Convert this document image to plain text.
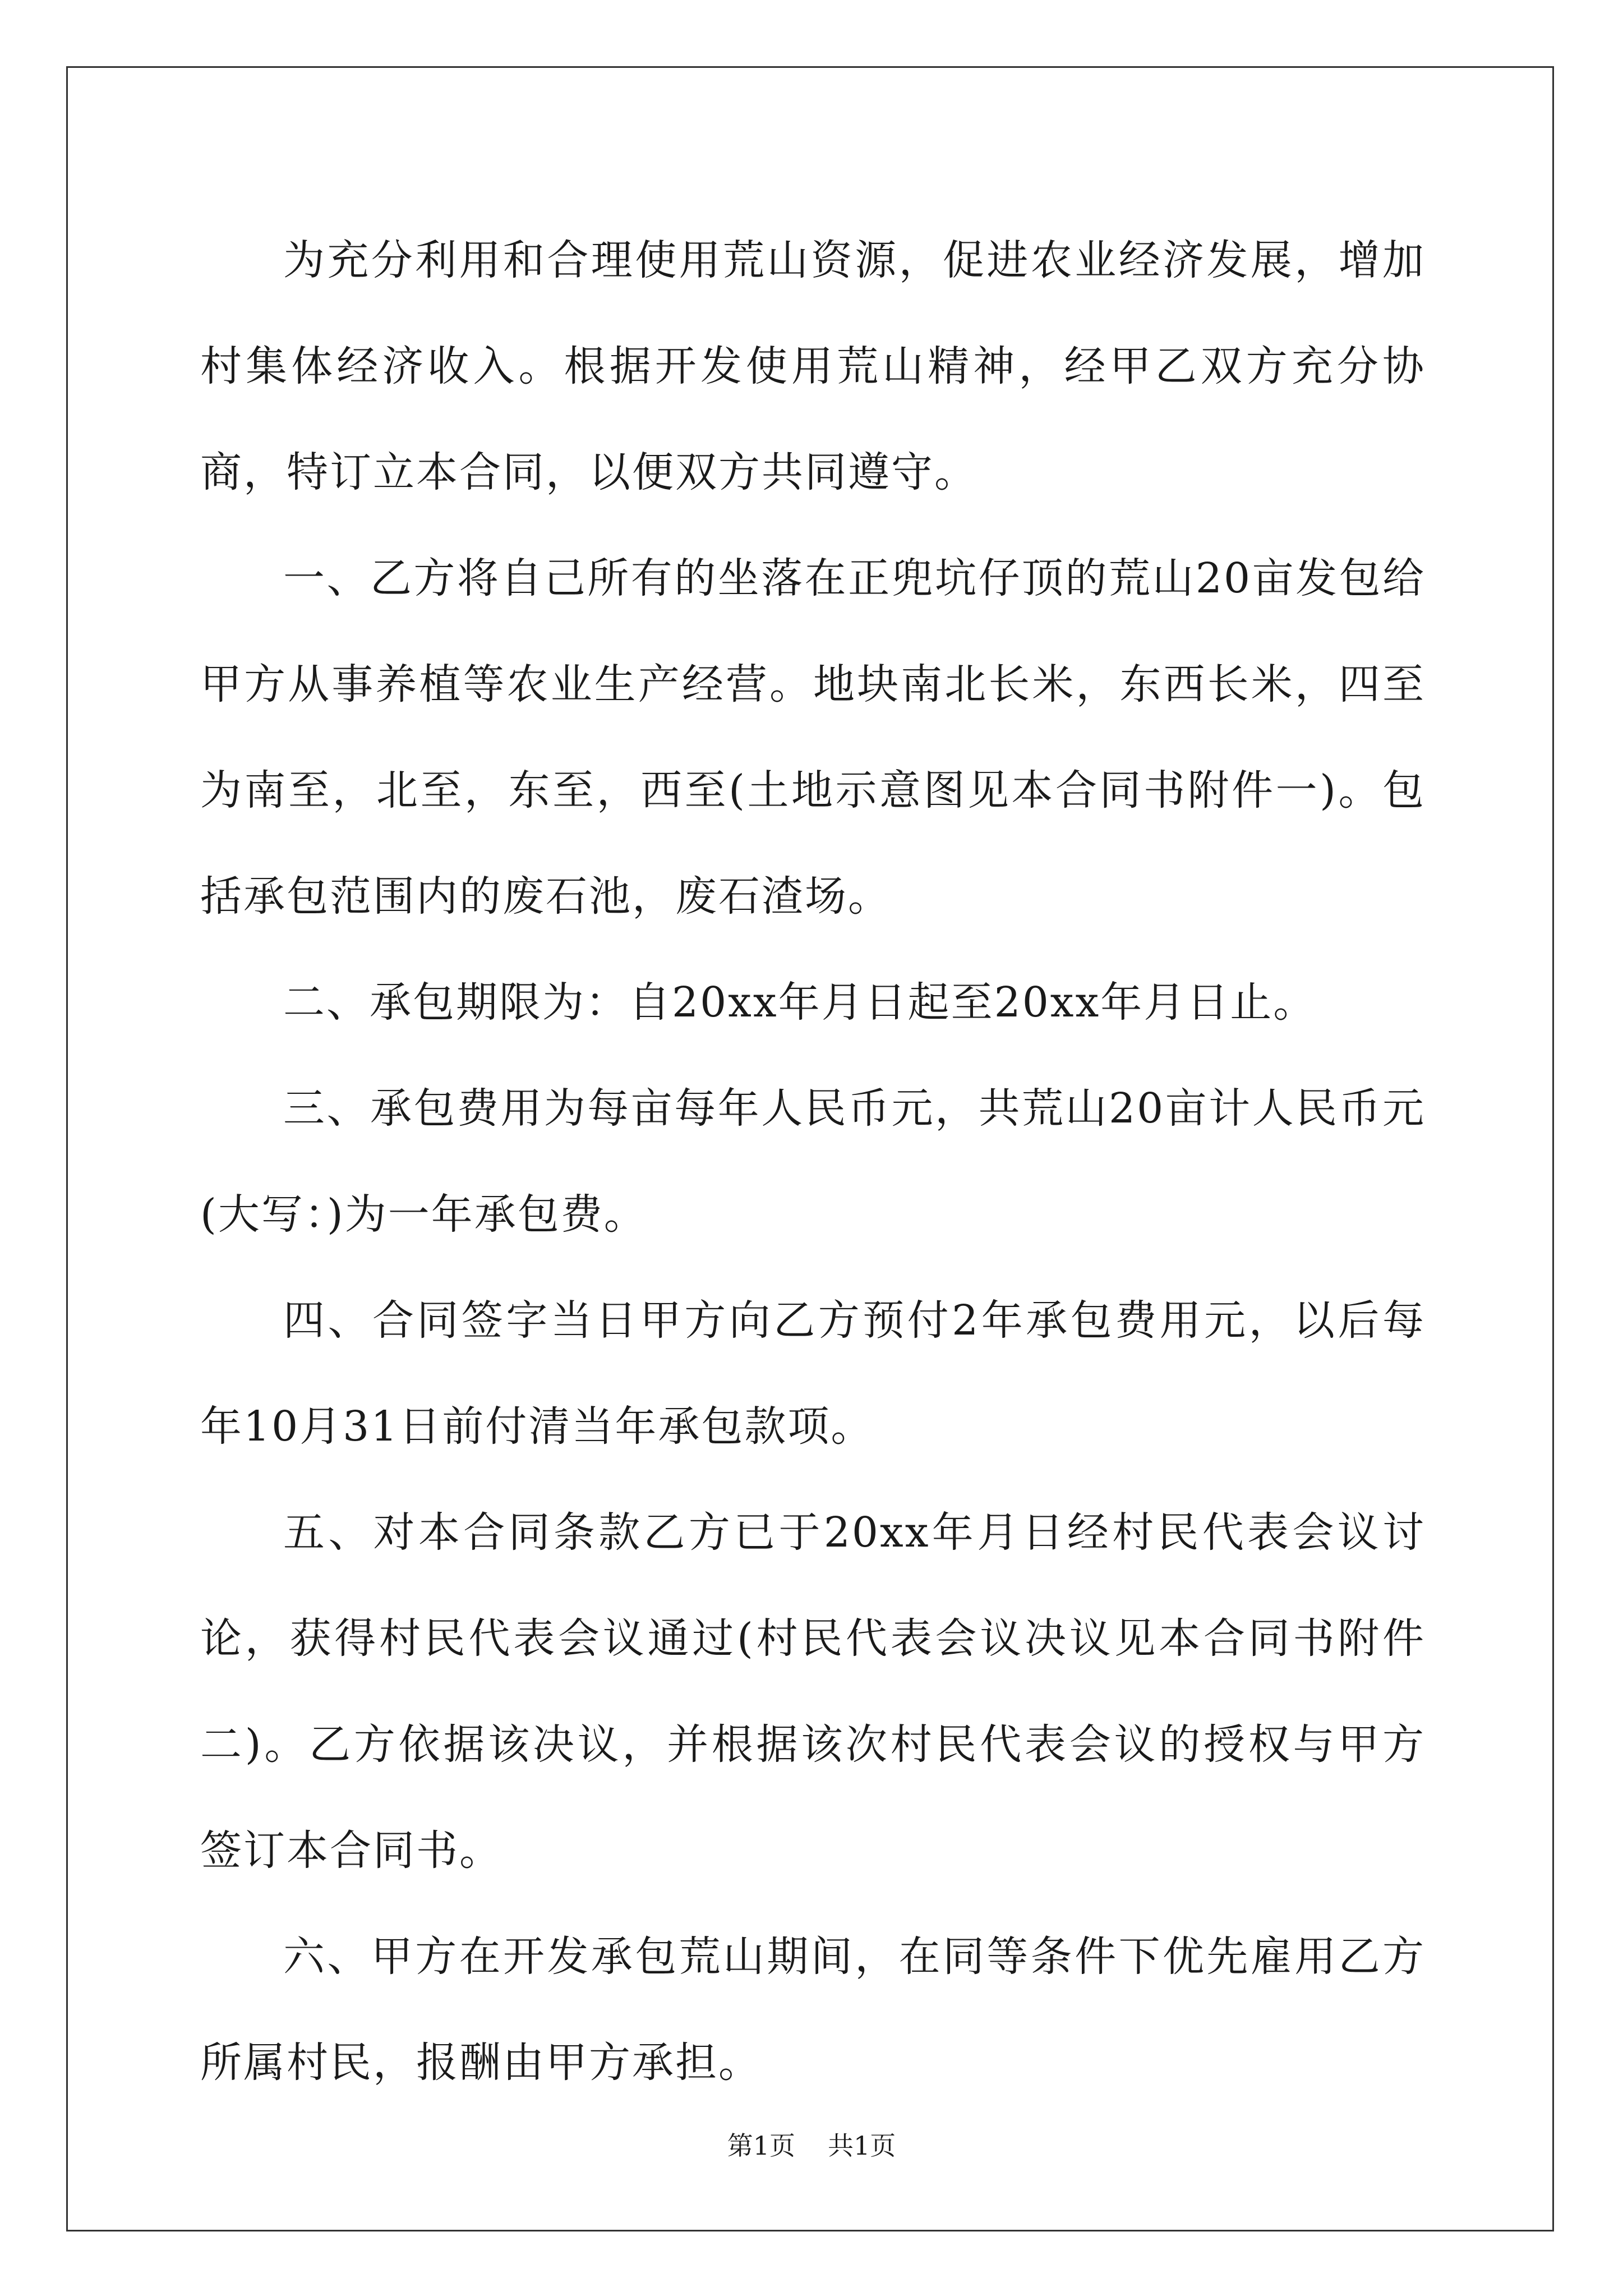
为充分利用和合理使用荒山资源，促进农业经济发展，增加村集体经济收入。根据开发使用荒山精神，经甲乙双方充分协商，特订立本合同，以便双方共同遵守。

一、乙方将自己所有的坐落在正兜坑仔顶的荒山20亩发包给甲方从事养植等农业生产经营。地块南北长米，东西长米，四至为南至，北至，东至，西至(土地示意图见本合同书附件一)。包括承包范围内的废石池，废石渣场。

二、承包期限为：自20xx年月日起至20xx年月日止。

三、承包费用为每亩每年人民币元，共荒山20亩计人民币元(大写：)为一年承包费。

四、合同签字当日甲方向乙方预付2年承包费用元，以后每年10月31日前付清当年承包款项。

五、对本合同条款乙方已于20xx年月日经村民代表会议讨论，获得村民代表会议通过(村民代表会议决议见本合同书附件二)。乙方依据该决议，并根据该次村民代表会议的授权与甲方签订本合同书。

六、甲方在开发承包荒山期间，在同等条件下优先雇用乙方所属村民，报酬由甲方承担。

第1页 共1页
